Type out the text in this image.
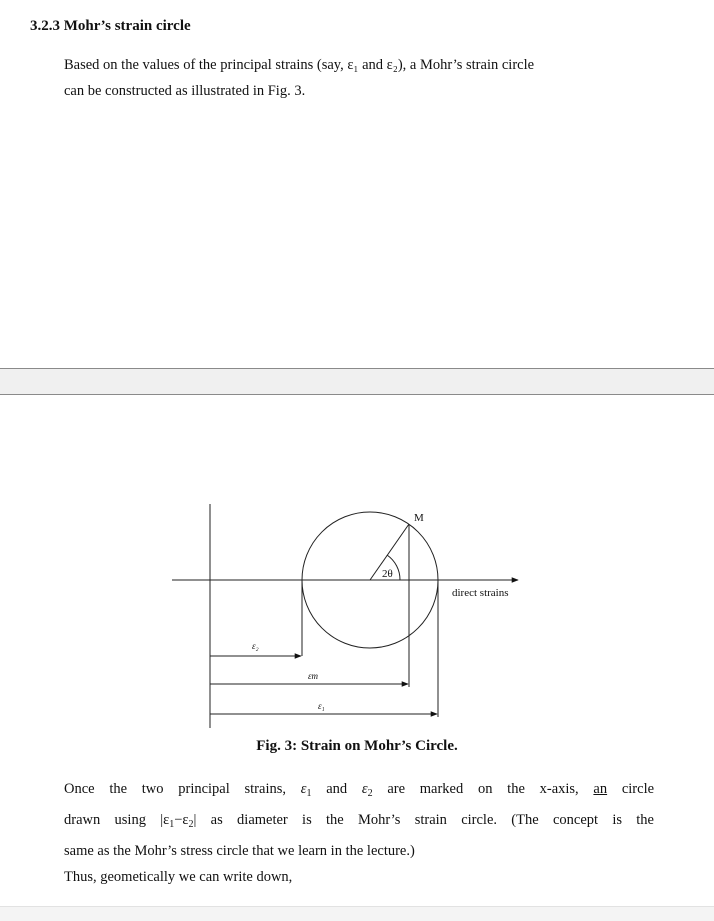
3.2.3 Mohr’s strain circle
Based on the values of the principal strains (say, ε₁ and ε₂), a Mohr’s strain circle
can be constructed as illustrated in Fig. 3.
M
2θ
direct strains
ε₂
εm
ε₁
Fig. 3: Strain on Mohr’s Circle.
Once the two principal strains, $\varepsilon_1$ and $\varepsilon_2$ are marked on the x-axis, an circle
drawn using $|\varepsilon_1-\varepsilon_2|$ as diameter is the Mohr’s strain circle. (The concept is the
same as the Mohr’s stress circle that we learn in the lecture.)
Thus, geometically we can write down,
